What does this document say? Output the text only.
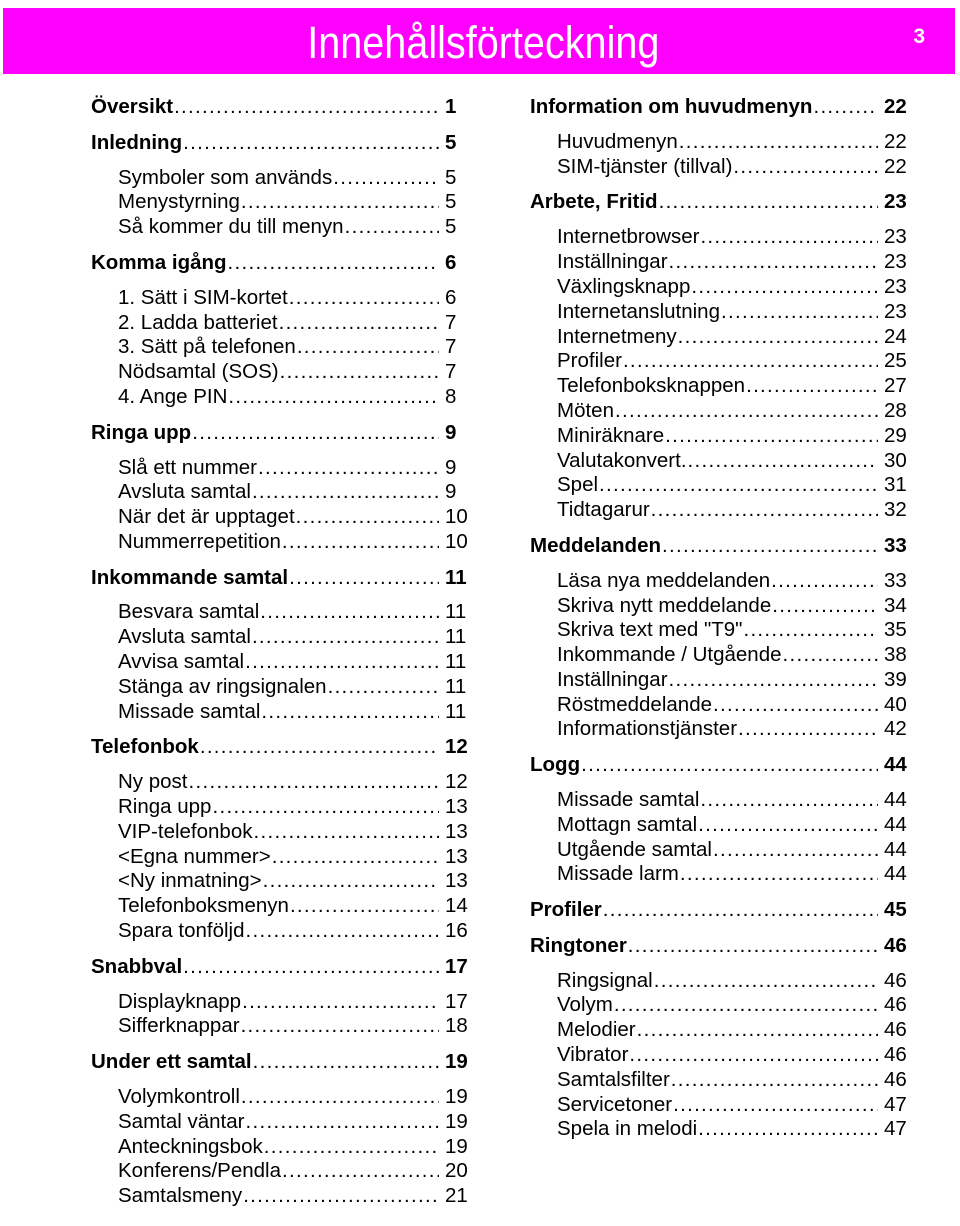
Innehållsförteckning	3
Översikt . . .	1
Inledning . . .	5
Symboler som används . . .	5
Menystyrning . . .	5
Så kommer du till menyn . . .	5
Komma igång . . .	6
1. Sätt i SIM-kortet . . .	6
2. Ladda batteriet . . .	7
3. Sätt på telefonen . . .	7
Nödsamtal (SOS) . . .	7
4. Ange PIN . . .	8
Ringa upp . . .	9
Slå ett nummer . . .	9
Avsluta samtal . . .	9
När det är upptaget . . .	10
Nummerrepetition . . .	10
Inkommande samtal . . .	11
Besvara samtal . . .	11
Avsluta samtal . . .	11
Avvisa samtal . . .	11
Stänga av ringsignalen . . .	11
Missade samtal . . .	11
Telefonbok . . .	12
Ny post . . .	12
Ringa upp . . .	13
VIP-telefonbok . . .	13
<Egna nummer> . . .	13
<Ny inmatning> . . .	13
Telefonboksmenyn . . .	14
Spara tonföljd . . .	16
Snabbval . . .	17
Displayknapp . . .	17
Sifferknappar . . .	18
Under ett samtal . . .	19
Volymkontroll . . .	19
Samtal väntar . . .	19
Anteckningsbok . . .	19
Konferens/Pendla . . .	20
Samtalsmeny . . .	21
Information om huvudmenyn . . .	22
Huvudmenyn . . .	22
SIM-tjänster (tillval) . . .	22
Arbete, Fritid . . .	23
Internetbrowser . . .	23
Inställningar . . .	23
Växlingsknapp . . .	23
Internetanslutning . . .	23
Internetmeny . . .	24
Profiler . . .	25
Telefonboksknappen . . .	27
Möten . . .	28
Miniräknare . . .	29
Valutakonvert. . . .	30
Spel . . .	31
Tidtagarur . . .	32
Meddelanden . . .	33
Läsa nya meddelanden . . .	33
Skriva nytt meddelande . . .	34
Skriva text med "T9" . . .	35
Inkommande / Utgående . . .	38
Inställningar . . .	39
Röstmeddelande . . .	40
Informationstjänster . . .	42
Logg . . .	44
Missade samtal . . .	44
Mottagn samtal . . .	44
Utgående samtal . . .	44
Missade larm . . .	44
Profiler . . .	45
Ringtoner . . .	46
Ringsignal . . .	46
Volym . . .	46
Melodier . . .	46
Vibrator . . .	46
Samtalsfilter . . .	46
Servicetoner . . .	47
Spela in melodi . . .	47
